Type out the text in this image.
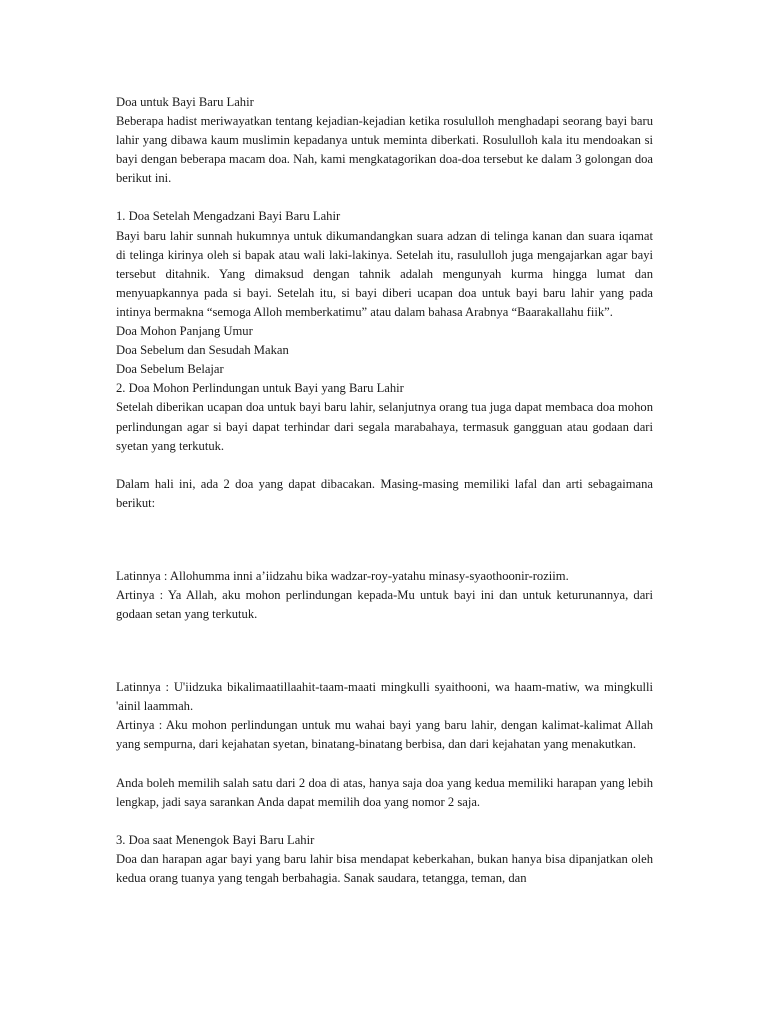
Doa untuk Bayi Baru Lahir

Beberapa hadist meriwayatkan tentang kejadian-kejadian ketika rosululloh menghadapi seorang bayi baru lahir yang dibawa kaum muslimin kepadanya untuk meminta diberkati. Rosululloh kala itu mendoakan si bayi dengan beberapa macam doa. Nah, kami mengkatagorikan doa-doa tersebut ke dalam 3 golongan doa berikut ini.

1. Doa Setelah Mengadzani Bayi Baru Lahir

Bayi baru lahir sunnah hukumnya untuk dikumandangkan suara adzan di telinga kanan dan suara iqamat di telinga kirinya oleh si bapak atau wali laki-lakinya. Setelah itu, rasululloh juga mengajarkan agar bayi tersebut ditahnik. Yang dimaksud dengan tahnik adalah mengunyah kurma hingga lumat dan menyuapkannya pada si bayi. Setelah itu, si bayi diberi ucapan doa untuk bayi baru lahir yang pada intinya bermakna “semoga Alloh memberkatimu” atau dalam bahasa Arabnya “Baarakallahu fiik”.

Doa Mohon Panjang Umur

Doa Sebelum dan Sesudah Makan

Doa Sebelum Belajar

2. Doa Mohon Perlindungan untuk Bayi yang Baru Lahir

Setelah diberikan ucapan doa untuk bayi baru lahir, selanjutnya orang tua juga dapat membaca doa mohon perlindungan agar si bayi dapat terhindar dari segala marabahaya, termasuk gangguan atau godaan dari syetan yang terkutuk.

Dalam hali ini, ada 2 doa yang dapat dibacakan. Masing-masing memiliki lafal dan arti sebagaimana berikut:

Latinnya : Allohumma inni a’iidzahu bika wadzar-roy-yatahu minasy-syaothoonir-roziim.

Artinya : Ya Allah, aku mohon perlindungan kepada-Mu untuk bayi ini dan untuk keturunannya, dari godaan setan yang terkutuk.

Latinnya : U'iidzuka bikalimaatillaahit-taam-maati mingkulli syaithooni, wa haam-matiw, wa mingkulli 'ainil laammah.

Artinya : Aku mohon perlindungan untuk mu wahai bayi yang baru lahir, dengan kalimat-kalimat Allah yang sempurna, dari kejahatan syetan, binatang-binatang berbisa, dan dari kejahatan yang menakutkan.

Anda boleh memilih salah satu dari 2 doa di atas, hanya saja doa yang kedua memiliki harapan yang lebih lengkap, jadi saya sarankan Anda dapat memilih doa yang nomor 2 saja.

3. Doa saat Menengok Bayi Baru Lahir

Doa dan harapan agar bayi yang baru lahir bisa mendapat keberkahan, bukan hanya bisa dipanjatkan oleh kedua orang tuanya yang tengah berbahagia. Sanak saudara, tetangga, teman, dan
